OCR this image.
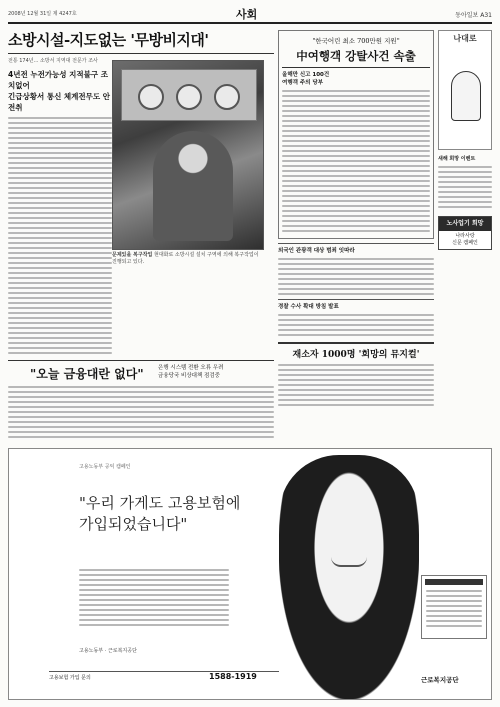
2008년 12월 31일 제 4247호	사회	동아일보 A31
소방시설-지도없는 '무방비지대'
전통 174년... 소방서 지역대 전문가 조사
4년전 누전가능성 지적불구 조치없어
긴급상황서 통신 체계전무도 안전취
문제있을 복구작업 현대화로 소방시설 설치 구역에 의해 복구작업이 진행되고 있다.
"오늘 금융대란 없다"	은행 시스템 전환 오류 우려
금융당국 비상대책 점검중
"한국어린 최소 700만원 지원"
中여행객 강탈사건 속출
올해만 신고 100건
여행객 주의 당부
외국인 관광객 대상 범죄 잇따라
경찰 수사 확대 방침 발표
재소자 1000명 '희망의 뮤지컬'
나대로
새해 희망 이벤트
노사업기 희망
나라사랑
신문 캠페인
고용노동부 공익 캠페인
"우리 가게도 고용보험에
가입되었습니다"
고용노동부 · 근로복지공단
고용보험 가입 문의	1588-1919	근로복지공단
